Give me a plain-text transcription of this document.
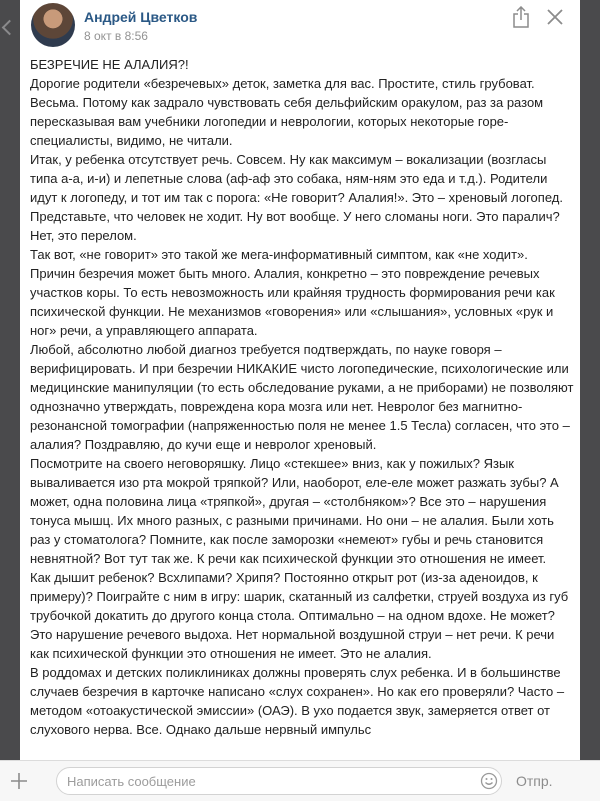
Андрей Цветков
8 окт в 8:56

БЕЗРЕЧИЕ НЕ АЛАЛИЯ?!

Дорогие родители «безречевых» деток, заметка для вас. Простите, стиль грубоват. Весьма. Потому как задрало чувствовать себя дельфийским оракулом, раз за разом пересказывая вам учебники логопедии и неврологии, которых некоторые горе-специалисты, видимо, не читали.

Итак, у ребенка отсутствует речь. Совсем. Ну как максимум – вокализации (возгласы типа а-а, и-и) и лепетные слова (аф-аф это собака, ням-ням это еда и т.д.). Родители идут к логопеду, и тот им так с порога: «Не говорит? Алалия!». Это – хреновый логопед.

Представьте, что человек не ходит. Ну вот вообще. У него сломаны ноги. Это паралич? Нет, это перелом.

Так вот, «не говорит» это такой же мега-информативный симптом, как «не ходит». Причин безречия может быть много. Алалия, конкретно – это повреждение речевых участков коры. То есть невозможность или крайняя трудность формирования речи как психической функции. Не механизмов «говорения» или «слышания», условных «рук и ног» речи, а управляющего аппарата.

Любой, абсолютно любой диагноз требуется подтверждать, по науке говоря – верифицировать. И при безречии НИКАКИЕ чисто логопедические, психологические или медицинские манипуляции (то есть обследование руками, а не приборами) не позволяют однозначно утверждать, повреждена кора мозга или нет. Невролог без магнитно-резонансной томографии (напряженностью поля не менее 1.5 Тесла) согласен, что это – алалия? Поздравляю, до кучи еще и невролог хреновый.

Посмотрите на своего неговоряшку. Лицо «стекшее» вниз, как у пожилых? Язык вываливается изо рта мокрой тряпкой? Или, наоборот, еле-еле может разжать зубы? А может, одна половина лица «тряпкой», другая – «столбняком»? Все это – нарушения тонуса мышц. Их много разных, с разными причинами. Но они – не алалия. Были хоть раз у стоматолога? Помните, как после заморозки «немеют» губы и речь становится невнятной? Вот тут так же. К речи как психической функции это отношения не имеет.

Как дышит ребенок? Всхлипами? Хрипя? Постоянно открыт рот (из-за аденоидов, к примеру)? Поиграйте с ним в игру: шарик, скатанный из салфетки, струей воздуха из губ трубочкой докатить до другого конца стола. Оптимально – на одном вдохе. Не может? Это нарушение речевого выдоха. Нет нормальной воздушной струи – нет речи. К речи как психической функции это отношения не имеет. Это не алалия.

В роддомах и детских поликлиниках должны проверять слух ребенка. И в большинстве случаев безречия в карточке написано «слух сохранен». Но как его проверяли? Часто – методом «отоакустической эмиссии» (ОАЭ). В ухо подается звук, замеряется ответ от слухового нерва. Все. Однако дальше нервный импульс

Написать сообщение
Отпр.
